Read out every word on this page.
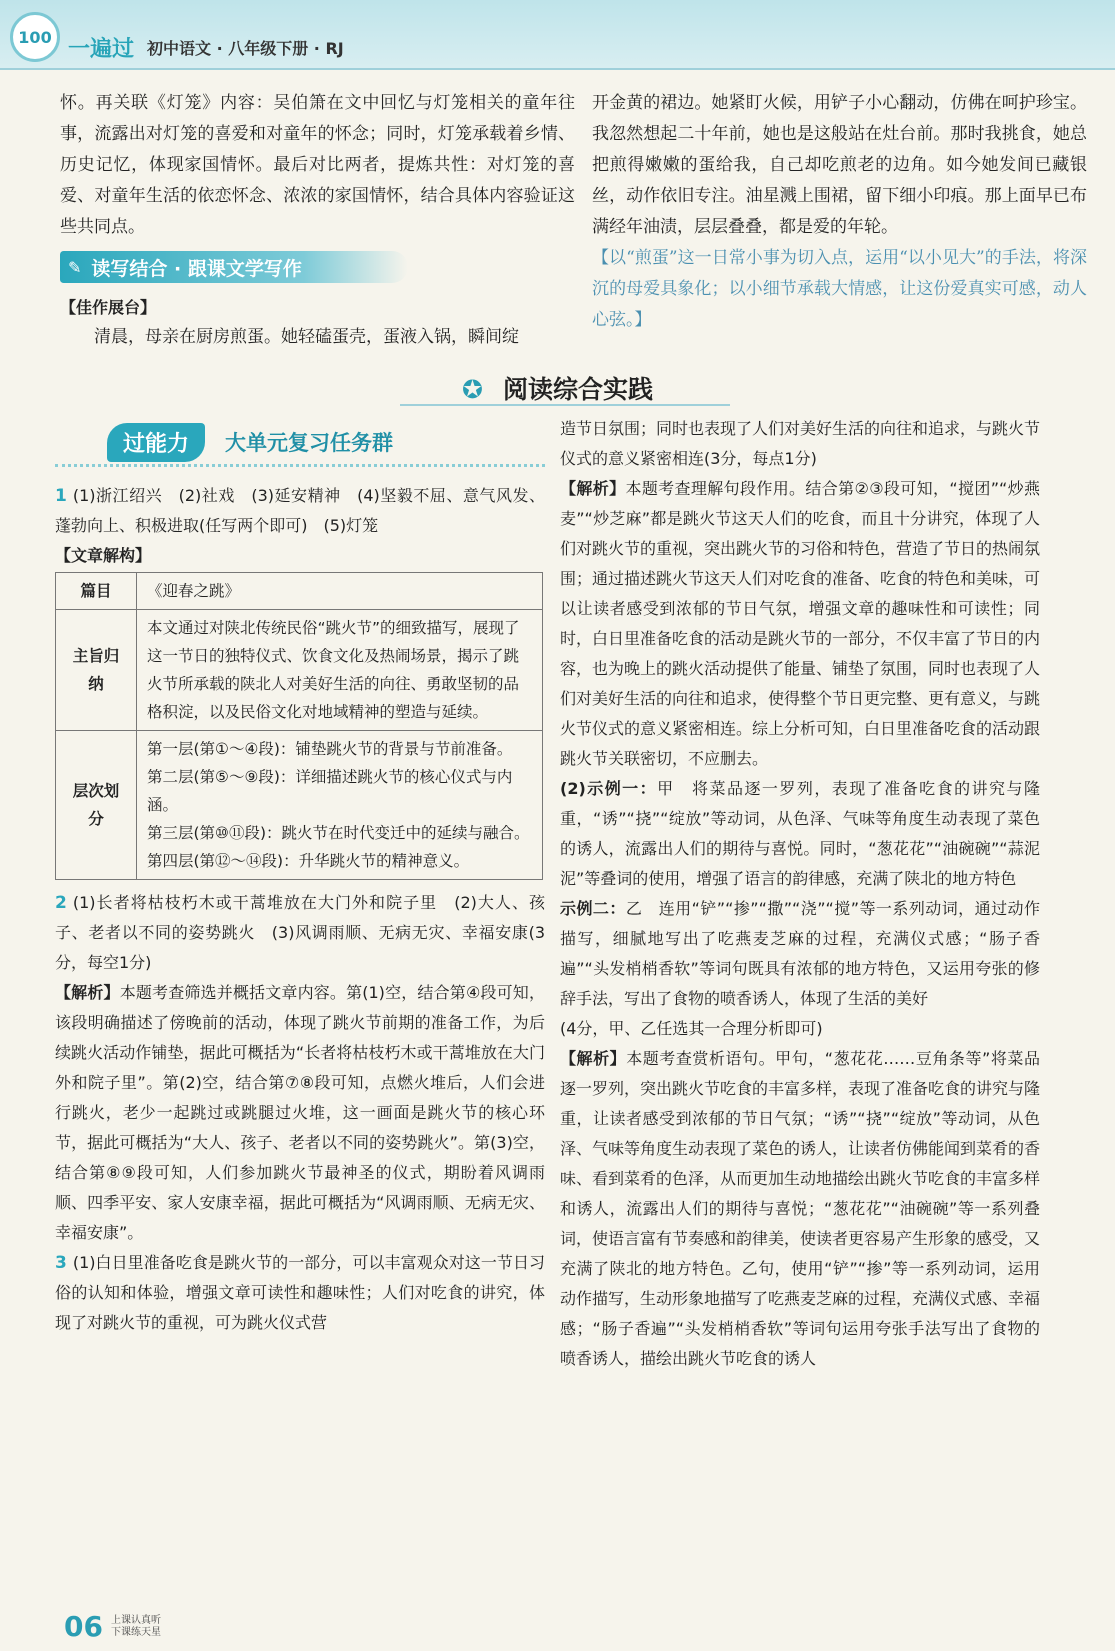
100 一遍过 初中语文 · 八年级下册 · RJ

怀。再关联《灯笼》内容：吴伯箫在文中回忆与灯笼相关的童年往事，流露出对灯笼的喜爱和对童年的怀念；同时，灯笼承载着乡情、历史记忆，体现家国情怀。最后对比两者，提炼共性：对灯笼的喜爱、对童年生活的依恋怀念、浓浓的家国情怀，结合具体内容验证这些共同点。

✎ 读写结合 · 跟课文学写作
【佳作展台】

清晨，母亲在厨房煎蛋。她轻磕蛋壳，蛋液入锅，瞬间绽

开金黄的裙边。她紧盯火候，用铲子小心翻动，仿佛在呵护珍宝。我忽然想起二十年前，她也是这般站在灶台前。那时我挑食，她总把煎得嫩嫩的蛋给我，自己却吃煎老的边角。如今她发间已藏银丝，动作依旧专注。油星溅上围裙，留下细小印痕。那上面早已布满经年油渍，层层叠叠，都是爱的年轮。

【以“煎蛋”这一日常小事为切入点，运用“以小见大”的手法，将深沉的母爱具象化；以小细节承载大情感，让这份爱真实可感，动人心弦。】

✪ 阅读综合实践
过能力	大单元复习任务群

1 (1)浙江绍兴　(2)社戏　(3)延安精神　(4)坚毅不屈、意气风发、蓬勃向上、积极进取(任写两个即可)　(5)灯笼

【文章解构】
篇目	《迎春之跳》
主旨归纳	本文通过对陕北传统民俗“跳火节”的细致描写，展现了这一节日的独特仪式、饮食文化及热闹场景，揭示了跳火节所承载的陕北人对美好生活的向往、勇敢坚韧的品格积淀，以及民俗文化对地域精神的塑造与延续。
层次划分	第一层(第①～④段)：铺垫跳火节的背景与节前准备。
第二层(第⑤～⑨段)：详细描述跳火节的核心仪式与内涵。
第三层(第⑩⑪段)：跳火节在时代变迁中的延续与融合。
第四层(第⑫～⑭段)：升华跳火节的精神意义。

2 (1)长者将枯枝朽木或干蒿堆放在大门外和院子里　(2)大人、孩子、老者以不同的姿势跳火　(3)风调雨顺、无病无灾、幸福安康(3分，每空1分)

【解析】本题考查筛选并概括文章内容。第(1)空，结合第④段可知，该段明确描述了傍晚前的活动，体现了跳火节前期的准备工作，为后续跳火活动作铺垫，据此可概括为“长者将枯枝朽木或干蒿堆放在大门外和院子里”。第(2)空，结合第⑦⑧段可知，点燃火堆后，人们会进行跳火，老少一起跳过或跳腿过火堆，这一画面是跳火节的核心环节，据此可概括为“大人、孩子、老者以不同的姿势跳火”。第(3)空，结合第⑧⑨段可知，人们参加跳火节最神圣的仪式，期盼着风调雨顺、四季平安、家人安康幸福，据此可概括为“风调雨顺、无病无灾、幸福安康”。

3 (1)白日里准备吃食是跳火节的一部分，可以丰富观众对这一节日习俗的认知和体验，增强文章可读性和趣味性；人们对吃食的讲究，体现了对跳火节的重视，可为跳火仪式营

造节日氛围；同时也表现了人们对美好生活的向往和追求，与跳火节仪式的意义紧密相连(3分，每点1分)

【解析】本题考查理解句段作用。结合第②③段可知，“搅团”“炒燕麦”“炒芝麻”都是跳火节这天人们的吃食，而且十分讲究，体现了人们对跳火节的重视，突出跳火节的习俗和特色，营造了节日的热闹氛围；通过描述跳火节这天人们对吃食的准备、吃食的特色和美味，可以让读者感受到浓郁的节日气氛，增强文章的趣味性和可读性；同时，白日里准备吃食的活动是跳火节的一部分，不仅丰富了节日的内容，也为晚上的跳火活动提供了能量、铺垫了氛围，同时也表现了人们对美好生活的向往和追求，使得整个节日更完整、更有意义，与跳火节仪式的意义紧密相连。综上分析可知，白日里准备吃食的活动跟跳火节关联密切，不应删去。

(2)示例一：甲　将菜品逐一罗列，表现了准备吃食的讲究与隆重，“诱”“挠”“绽放”等动词，从色泽、气味等角度生动表现了菜色的诱人，流露出人们的期待与喜悦。同时，“葱花花”“油碗碗”“蒜泥泥”等叠词的使用，增强了语言的韵律感，充满了陕北的地方特色

示例二：乙　连用“铲”“掺”“撒”“浇”“搅”等一系列动词，通过动作描写，细腻地写出了吃燕麦芝麻的过程，充满仪式感；“肠子香遍”“头发梢梢香软”等词句既具有浓郁的地方特色，又运用夸张的修辞手法，写出了食物的喷香诱人，体现了生活的美好

(4分，甲、乙任选其一合理分析即可)

【解析】本题考查赏析语句。甲句，“葱花花……豆角条等”将菜品逐一罗列，突出跳火节吃食的丰富多样，表现了准备吃食的讲究与隆重，让读者感受到浓郁的节日气氛；“诱”“挠”“绽放”等动词，从色泽、气味等角度生动表现了菜色的诱人，让读者仿佛能闻到菜肴的香味、看到菜肴的色泽，从而更加生动地描绘出跳火节吃食的丰富多样和诱人，流露出人们的期待与喜悦；“葱花花”“油碗碗”等一系列叠词，使语言富有节奏感和韵律美，使读者更容易产生形象的感受，又充满了陕北的地方特色。乙句，使用“铲”“掺”等一系列动词，运用动作描写，生动形象地描写了吃燕麦芝麻的过程，充满仪式感、幸福感；“肠子香遍”“头发梢梢香软”等词句运用夸张手法写出了食物的喷香诱人，描绘出跳火节吃食的诱人

06 上课认真听
下课练天星
